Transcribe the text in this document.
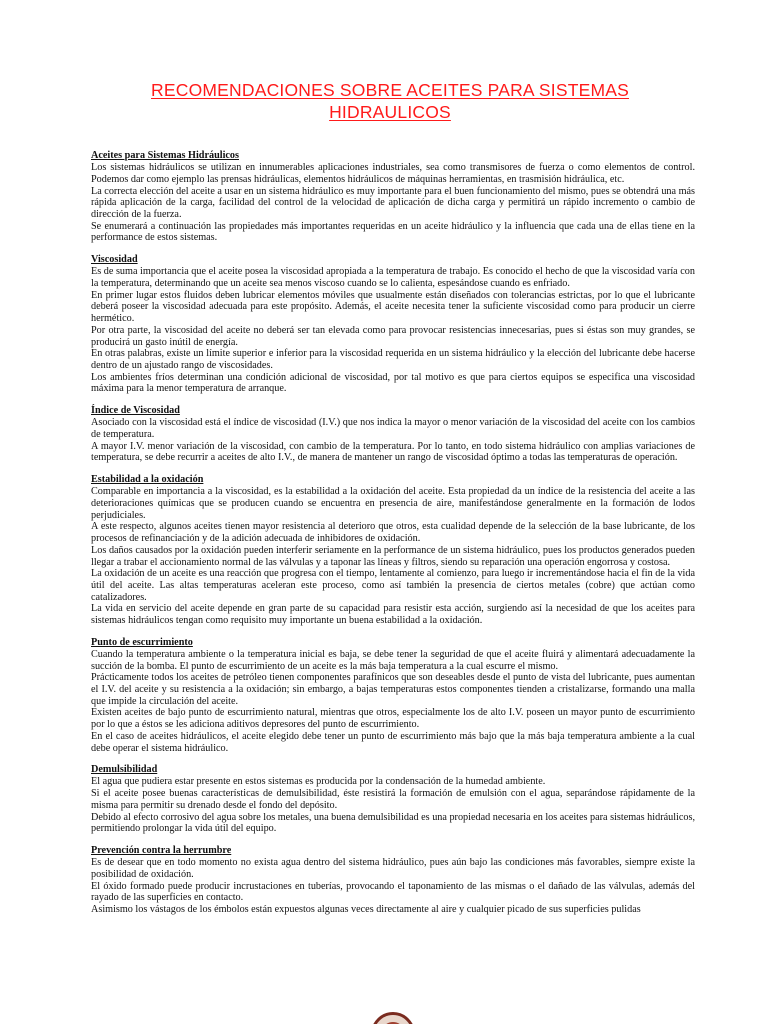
RECOMENDACIONES SOBRE ACEITES PARA SISTEMAS HIDRAULICOS
Aceites para Sistemas Hidráulicos

Los sistemas hidráulicos se utilizan en innumerables aplicaciones industriales, sea como transmisores de fuerza o como elementos de control. Podemos dar como ejemplo las prensas hidráulicas, elementos hidráulicos de máquinas herramientas, en trasmisión hidráulica, etc.

La correcta elección del aceite a usar en un sistema hidráulico es muy importante para el buen funcionamiento del mismo, pues se obtendrá una más rápida aplicación de la carga, facilidad del control de la velocidad de aplicación de dicha carga y permitirá un rápido incremento o cambio de dirección de la fuerza.

Se enumerará a continuación las propiedades más importantes requeridas en un aceite hidráulico y la influencia que cada una de ellas tiene en la performance de estos sistemas.

Viscosidad

Es de suma importancia que el aceite posea la viscosidad apropiada a la temperatura de trabajo. Es conocido el hecho de que la viscosidad varía con la temperatura, determinando que un aceite sea menos viscoso cuando se lo calienta, espesándose cuando es enfriado.

En primer lugar estos fluidos deben lubricar elementos móviles que usualmente están diseñados con tolerancias estrictas, por lo que el lubricante deberá poseer la viscosidad adecuada para este propósito. Además, el aceite necesita tener la suficiente viscosidad como para producir un cierre hermético.

Por otra parte, la viscosidad del aceite no deberá ser tan elevada como para provocar resistencias innecesarias, pues si éstas son muy grandes, se producirá un gasto inútil de energía.

En otras palabras, existe un límite superior e inferior para la viscosidad requerida en un sistema hidráulico y la elección del lubricante debe hacerse dentro de un ajustado rango de viscosidades.

Los ambientes fríos determinan una condición adicional de viscosidad, por tal motivo es que para ciertos equipos se especifica una viscosidad máxima para la menor temperatura de arranque.

Índice de Viscosidad

Asociado con la viscosidad está el índice de viscosidad (I.V.) que nos indica la mayor o menor variación de la viscosidad del aceite con los cambios de temperatura.

A mayor I.V. menor variación de la viscosidad, con cambio de la temperatura. Por lo tanto, en todo sistema hidráulico con amplias variaciones de temperatura, se debe recurrir a aceites de alto I.V., de manera de mantener un rango de viscosidad óptimo a todas las temperaturas de operación.

Estabilidad a la oxidación

Comparable en importancia a la viscosidad, es la estabilidad a la oxidación del aceite. Esta propiedad da un índice de la resistencia del aceite a las deterioraciones químicas que se producen cuando se encuentra en presencia de aire, manifestándose generalmente en la formación de lodos perjudiciales.

A este respecto, algunos aceites tienen mayor resistencia al deterioro que otros, esta cualidad depende de la selección de la base lubricante, de los procesos de refinanciación y de la adición adecuada de inhibidores de oxidación.

Los daños causados por la oxidación pueden interferir seriamente en la performance de un sistema hidráulico, pues los productos generados pueden llegar a trabar el accionamiento normal de las válvulas y a taponar las líneas y filtros, siendo su reparación una operación engorrosa y costosa.

La oxidación de un aceite es una reacción que progresa con el tiempo, lentamente al comienzo, para luego ir incrementándose hacia el fin de la vida útil del aceite. Las altas temperaturas aceleran este proceso, como así también la presencia de ciertos metales (cobre) que actúan como catalizadores.

La vida en servicio del aceite depende en gran parte de su capacidad para resistir esta acción, surgiendo así la necesidad de que los aceites para sistemas hidráulicos tengan como requisito muy importante un buena estabilidad a la oxidación.

Punto de escurrimiento

Cuando la temperatura ambiente o la temperatura inicial es baja, se debe tener la seguridad de que el aceite fluirá y alimentará adecuadamente la succión de la bomba. El punto de escurrimiento de un aceite es la más baja temperatura a la cual escurre el mismo.

Prácticamente todos los aceites de petróleo tienen componentes parafínicos que son deseables desde el punto de vista del lubricante, pues aumentan el I.V. del aceite y su resistencia a la oxidación; sin embargo, a bajas temperaturas estos componentes tienden a cristalizarse, formando una malla que impide la circulación del aceite.

Existen aceites de bajo punto de escurrimiento natural, mientras que otros, especialmente los de alto I.V. poseen un mayor punto de escurrimiento por lo que a éstos se les adiciona aditivos depresores del punto de escurrimiento.

En el caso de aceites hidráulicos, el aceite elegido debe tener un punto de escurrimiento más bajo que la más baja temperatura ambiente a la cual debe operar el sistema hidráulico.

Demulsibilidad

El agua que pudiera estar presente en estos sistemas es producida por la condensación de la humedad ambiente.

Si el aceite posee buenas características de demulsibilidad, éste resistirá la formación de emulsión con el agua, separándose rápidamente de la misma para permitir su drenado desde el fondo del depósito.

Debido al efecto corrosivo del agua sobre los metales, una buena demulsibilidad es una propiedad necesaria en los aceites para sistemas hidráulicos, permitiendo prolongar la vida útil del equipo.

Prevención contra la herrumbre

Es de desear que en todo momento no exista agua dentro del sistema hidráulico, pues aún bajo las condiciones más favorables, siempre existe la posibilidad de oxidación.

El óxido formado puede producir incrustaciones en tuberías, provocando el taponamiento de las mismas o el dañado de las válvulas, además del rayado de las superficies en contacto.

Asimismo los vástagos de los émbolos están expuestos algunas veces directamente al aire y cualquier picado de sus superficies pulidas
